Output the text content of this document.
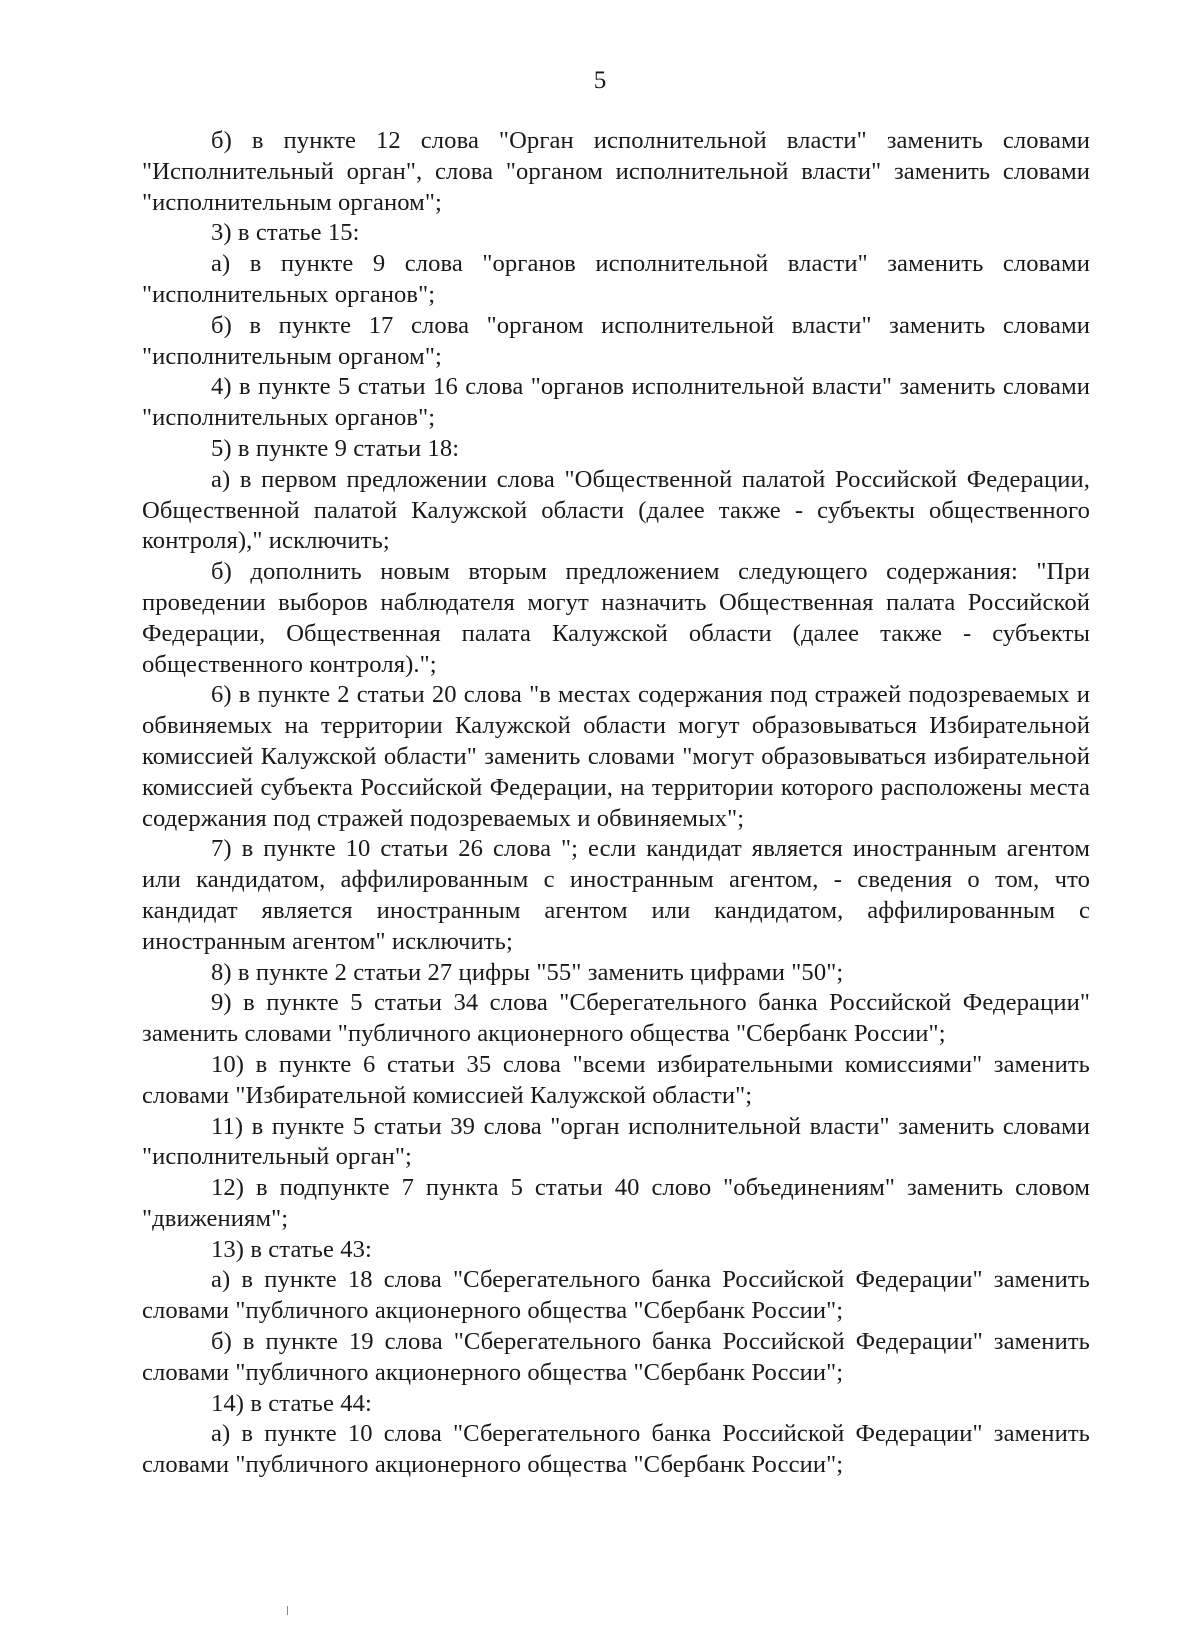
5

б) в пункте 12 слова "Орган исполнительной власти" заменить словами "Исполнительный орган", слова "органом исполнительной власти" заменить словами "исполнительным органом";

3) в статье 15:

а) в пункте 9 слова "органов исполнительной власти" заменить словами "исполнительных органов";

б) в пункте 17 слова "органом исполнительной власти" заменить словами "исполнительным органом";

4) в пункте 5 статьи 16 слова "органов исполнительной власти" заменить словами "исполнительных органов";

5) в пункте 9 статьи 18:

а) в первом предложении слова "Общественной палатой Российской Федерации, Общественной палатой Калужской области (далее также - субъекты общественного контроля)," исключить;

б) дополнить новым вторым предложением следующего содержания: "При проведении выборов наблюдателя могут назначить Общественная палата Российской Федерации, Общественная палата Калужской области (далее также - субъекты общественного контроля).";

6) в пункте 2 статьи 20 слова "в местах содержания под стражей подозреваемых и обвиняемых на территории Калужской области могут образовываться Избирательной комиссией Калужской области" заменить словами "могут образовываться избирательной комиссией субъекта Российской Федерации, на территории которого расположены места содержания под стражей подозреваемых и обвиняемых";

7) в пункте 10 статьи 26 слова "; если кандидат является иностранным агентом или кандидатом, аффилированным с иностранным агентом, - сведения о том, что кандидат является иностранным агентом или кандидатом, аффилированным с иностранным агентом" исключить;

8) в пункте 2 статьи 27 цифры "55" заменить цифрами "50";

9) в пункте 5 статьи 34 слова "Сберегательного банка Российской Федерации" заменить словами "публичного акционерного общества "Сбербанк России";

10) в пункте 6 статьи 35 слова "всеми избирательными комиссиями" заменить словами "Избирательной комиссией Калужской области";

11) в пункте 5 статьи 39 слова "орган исполнительной власти" заменить словами "исполнительный орган";

12) в подпункте 7 пункта 5 статьи 40 слово "объединениям" заменить словом "движениям";

13) в статье 43:

а) в пункте 18 слова "Сберегательного банка Российской Федерации" заменить словами "публичного акционерного общества "Сбербанк России";

б) в пункте 19 слова "Сберегательного банка Российской Федерации" заменить словами "публичного акционерного общества "Сбербанк России";

14) в статье 44:

а) в пункте 10 слова "Сберегательного банка Российской Федерации" заменить словами "публичного акционерного общества "Сбербанк России";
